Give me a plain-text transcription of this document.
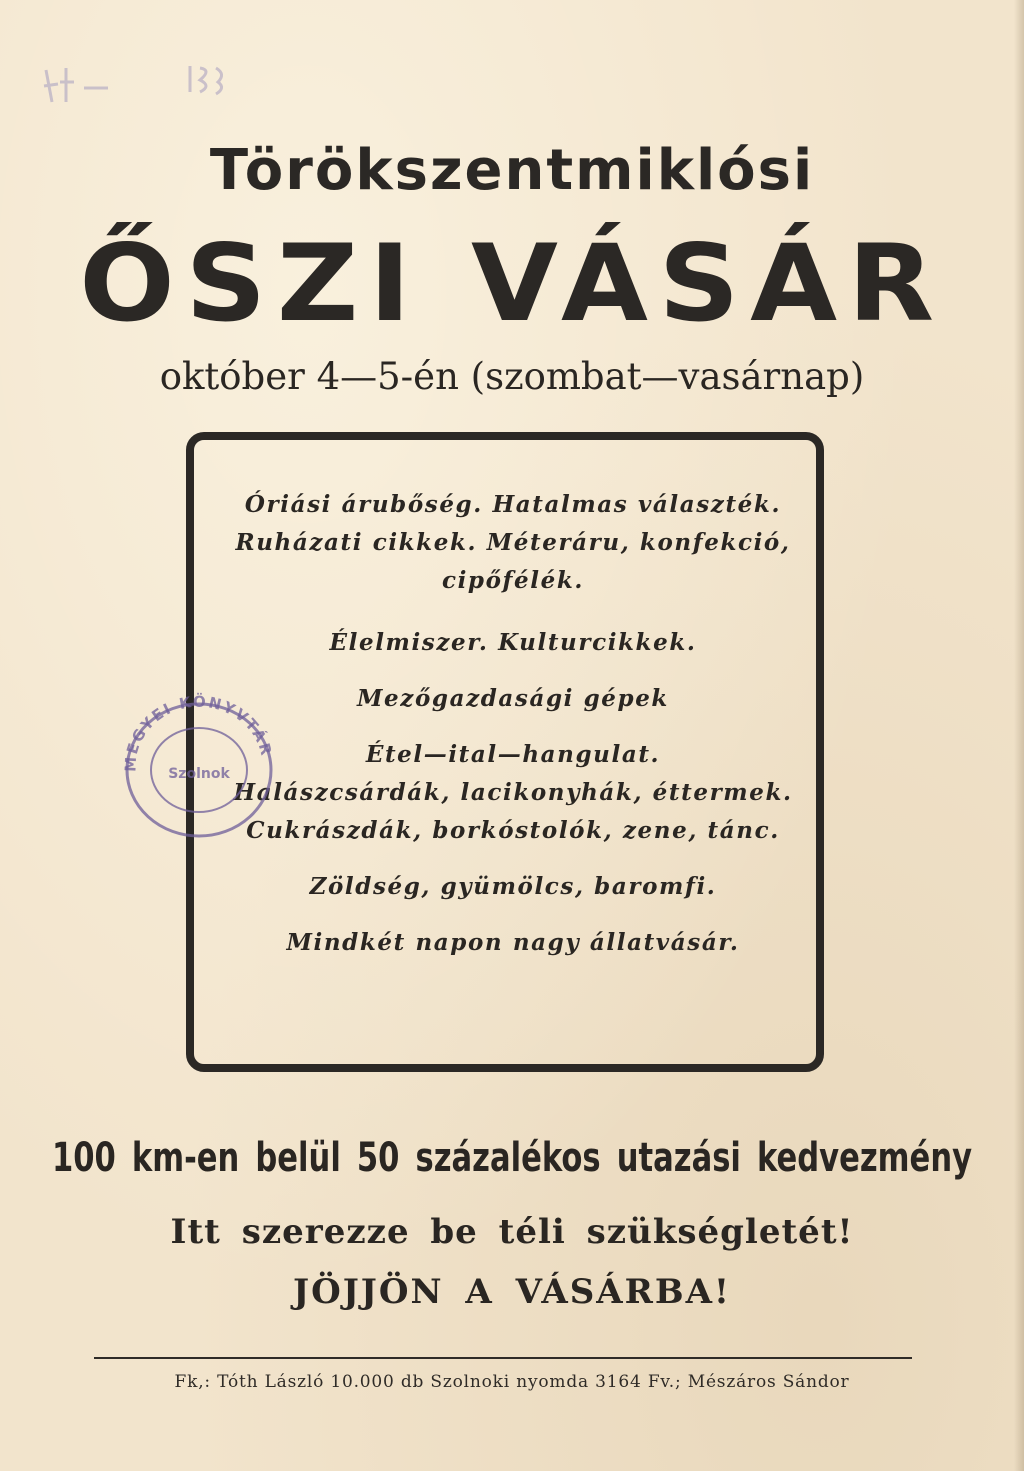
Törökszentmiklósi
ŐSZI VÁSÁR
október 4—5-én (szombat—vasárnap)
Óriási árubőség. Hatalmas választék.
Ruházati cikkek. Méteráru, konfekció,
cipőfélék.
Élelmiszer. Kulturcikkek.
Mezőgazdasági gépek
Étel—ital—hangulat.
Halászcsárdák, lacikonyhák, éttermek.
Cukrászdák, borkóstolók, zene, tánc.
Zöldség, gyümölcs, baromfi.
Mindkét napon nagy állatvásár.
MEGYEI KÖNYVTÁR
Szolnok
100 km-en belül 50 százalékos utazási kedvezmény
Itt szerezze be téli szükségletét!
JÖJJÖN A VÁSÁRBA!
Fk,: Tóth László 10.000 db Szolnoki nyomda 3164 Fv.; Mészáros Sándor
